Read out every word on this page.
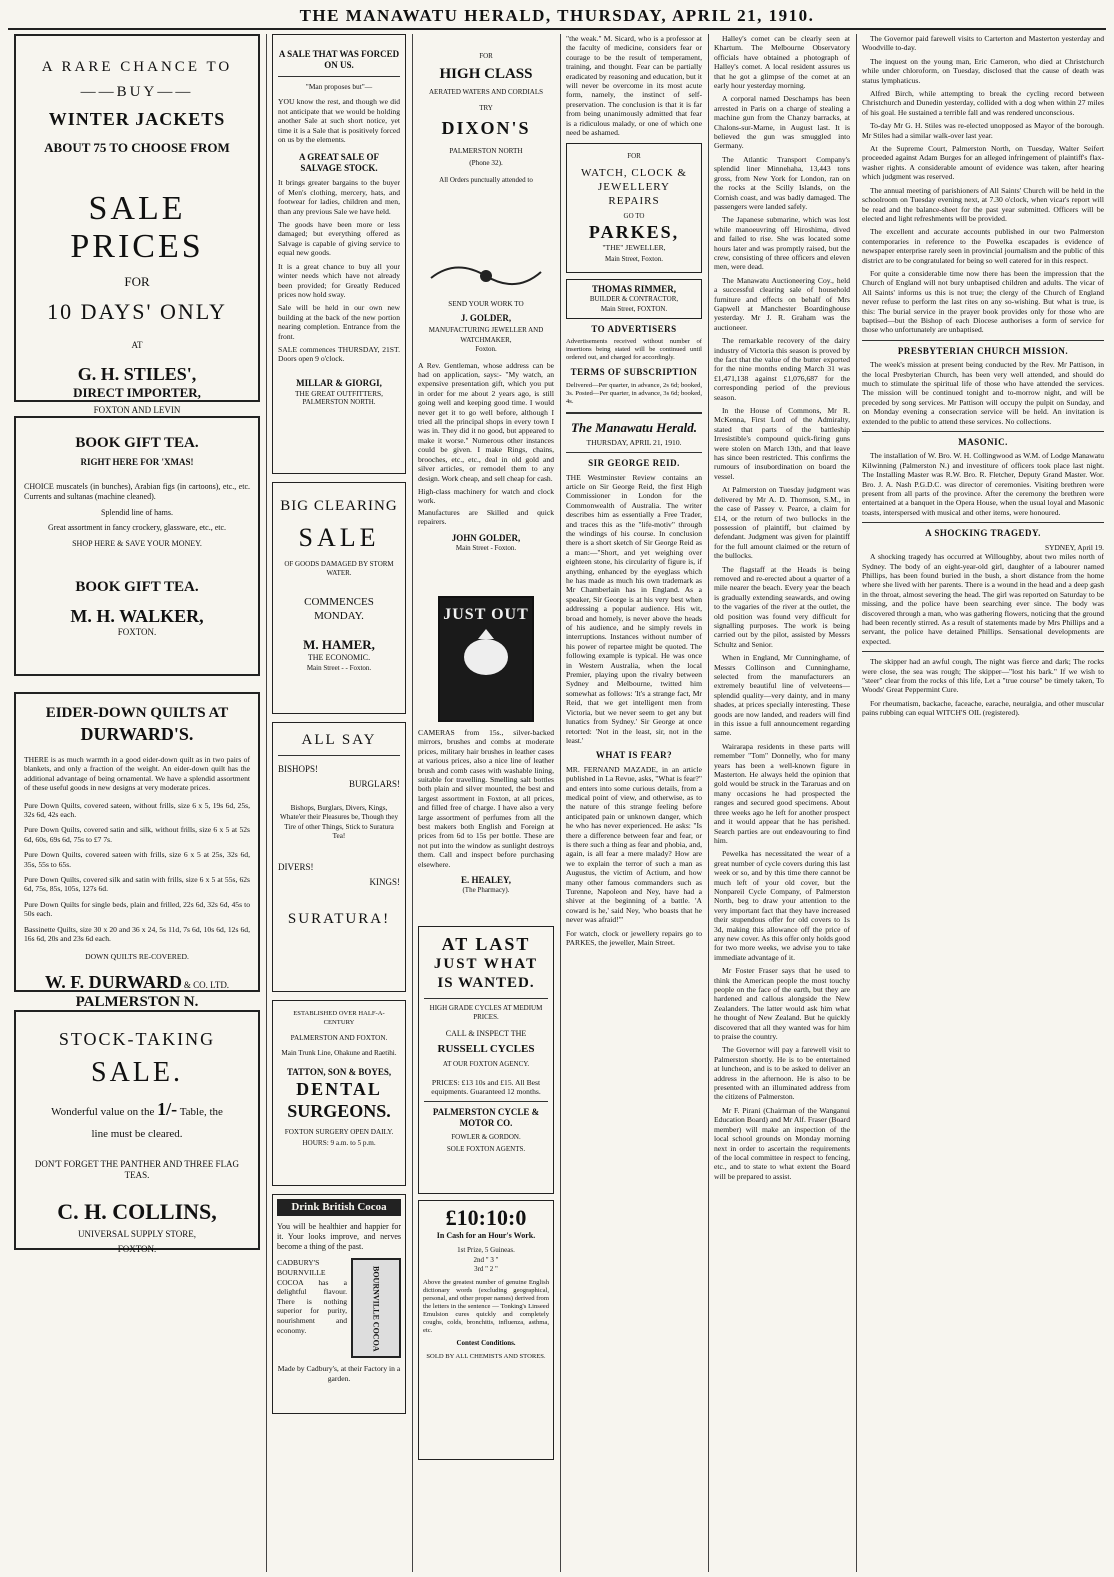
THE MANAWATU HERALD, THURSDAY, APRIL 21, 1910.
A RARE CHANCE TO
——BUY——
WINTER JACKETS
ABOUT 75 TO CHOOSE FROM
SALE PRICES
FOR
10 DAYS' ONLY
AT
G. H. STILES',
DIRECT IMPORTER,
FOXTON AND LEVIN
BOOK GIFT TEA.
RIGHT HERE FOR 'XMAS!
CHOICE muscatels (in bunches), Arabian figs (in cartoons), etc., etc. Currents and sultanas (machine cleaned).
Splendid line of hams.
Great assortment in fancy crockery, glassware, etc., etc.
SHOP HERE & SAVE YOUR MONEY.
BOOK GIFT TEA.
M. H. WALKER,
FOXTON.
EIDER-DOWN QUILTS AT
DURWARD'S.
THERE is as much warmth in a good eider-down quilt as in two pairs of blankets, and only a fraction of the weight. An eider-down quilt has the additional advantage of being ornamental. We have a splendid assortment of these useful goods in new designs at very moderate prices.
Pure Down Quilts, covered sateen, without frills, size 6 x 5, 19s 6d, 25s, 32s 6d, 42s each.
Pure Down Quilts, covered satin and silk, without frills, size 6 x 5 at 52s 6d, 60s, 69s 6d, 75s to £7 7s.
Pure Down Quilts, covered sateen with frills, size 6 x 5 at 25s, 32s 6d, 35s, 55s to 65s.
Pure Down Quilts, covered silk and satin with frills, size 6 x 5 at 55s, 62s 6d, 75s, 85s, 105s, 127s 6d.
Pure Down Quilts for single beds, plain and frilled, 22s 6d, 32s 6d, 45s to 50s each.
Bassinette Quilts, size 30 x 20 and 36 x 24, 5s 11d, 7s 6d, 10s 6d, 12s 6d, 16s 6d, 20s and 23s 6d each.
DOWN QUILTS RE-COVERED.
W. F. DURWARD & CO. LTD.
PALMERSTON N.
STOCK-TAKING
SALE.
Wonderful value on the 1/- Table, the
line must be cleared.
DON'T FORGET THE PANTHER AND THREE FLAG TEAS.
C. H. COLLINS,
UNIVERSAL SUPPLY STORE,
FOXTON.
A SALE THAT WAS FORCED ON US.
"Man proposes but"—
YOU know the rest, and though we did not anticipate that we would be holding another Sale at such short notice, yet time it is a Sale that is positively forced on us by the elements.
A GREAT SALE OF SALVAGE STOCK.
It brings greater bargains to the buyer of Men's clothing, mercery, hats, and footwear for ladies, children and men, than any previous Sale we have held.
The goods have been more or less damaged; but everything offered as Salvage is capable of giving service to equal new goods.
It is a great chance to buy all your winter needs which have not already been provided; for Greatly Reduced prices now hold sway.
Sale will be held in our own new building at the back of the new portion nearing completion. Entrance from the front.
SALE commences THURSDAY, 21ST. Doors open 9 o'clock.
MILLAR & GIORGI,
THE GREAT OUTFITTERS,
PALMERSTON NORTH.
BIG CLEARING
SALE
OF GOODS DAMAGED BY STORM WATER.
COMMENCES MONDAY.
M. HAMER,
THE ECONOMIC.
Main Street - - Foxton.
ALL SAY
BISHOPS!
BURGLARS!
Bishops, Burglars, Divers, Kings, Whate'er their Pleasures be, Though they Tire of other Things, Stick to Suratura Tea!
DIVERS!
KINGS!
SURATURA!
ESTABLISHED OVER HALF-A-CENTURY
PALMERSTON AND FOXTON.
Main Trunk Line, Ohakune and Raetihi.
TATTON, SON & BOYES,
DENTAL
SURGEONS.
FOXTON SURGERY OPEN DAILY.
HOURS: 9 a.m. to 5 p.m.
Drink British Cocoa
You will be healthier and happier for it. Your looks improve, and nerves become a thing of the past.
CADBURY'S BOURNVILLE COCOA has a delightful flavour. There is nothing superior for purity, nourishment and economy.	BOURNVILLE COCOA
Made by Cadbury's, at their Factory in a garden.
FOR
HIGH CLASS
AERATED WATERS AND CORDIALS
TRY
DIXON'S
PALMERSTON NORTH
(Phone 32).
All Orders punctually attended to
SEND YOUR WORK TO
J. GOLDER,
MANUFACTURING JEWELLER AND WATCHMAKER,
Foxton.
A Rev. Gentleman, whose address can be had on application, says:- "My watch, an expensive presentation gift, which you put in order for me about 2 years ago, is still going well and keeping good time. I would never get it to go well before, although I tried all the principal shops in every town I was in. They did it no good, but appeared to make it worse." Numerous other instances could be given. I make Rings, chains, brooches, etc., etc., deal in old gold and silver articles, or remodel them to any design. Work cheap, and sell cheap for cash.
High-class machinery for watch and clock work.
Manufactures are Skilled and quick repairers.
JOHN GOLDER,
Main Street - Foxton.
JUST OUT
CAMERAS from 15s., silver-backed mirrors, brushes and combs at moderate prices, military hair brushes in leather cases at various prices, also a nice line of leather brush and comb cases with washable lining, suitable for travelling. Smelling salt bottles both plain and silver mounted, the best and largest assortment in Foxton, at all prices, and filled free of charge. I have also a very large assortment of perfumes from all the best makers both English and Foreign at prices from 6d to 15s per bottle. These are not put into the window as sunlight destroys them. Call and inspect before purchasing elsewhere.
E. HEALEY,
(The Pharmacy).
AT LAST
JUST WHAT
IS WANTED.
HIGH GRADE CYCLES AT MEDIUM PRICES.
CALL & INSPECT THE
RUSSELL CYCLES
AT OUR FOXTON AGENCY.
PRICES: £13 10s and £15. All Best equipments. Guaranteed 12 months.
PALMERSTON CYCLE & MOTOR CO.
FOWLER & GORDON.
SOLE FOXTON AGENTS.
£10:10:0
In Cash for an Hour's Work.
1st Prize, 5 Guineas.
2nd " 3 "
3rd " 2 "
Above the greatest number of genuine English dictionary words (excluding geographical, personal, and other proper names) derived from the letters in the sentence — Tonking's Linseed Emulsion cures quickly and completely coughs, colds, bronchitis, influenza, asthma, etc.
Contest Conditions.
SOLD BY ALL CHEMISTS AND STORES.
"the weak." M. Sicard, who is a professor at the faculty of medicine, considers fear or courage to be the result of temperament, training, and thought. Fear can be partially eradicated by reasoning and education, but it will never be overcome in its most acute form, namely, the instinct of self-preservation. The conclusion is that it is far from being unanimously admitted that fear is a ridiculous malady, or one of which one need be ashamed.
FOR
WATCH, CLOCK & JEWELLERY REPAIRS
GO TO
PARKES,
"THE" JEWELLER,
Main Street, Foxton.
THOMAS RIMMER,
BUILDER & CONTRACTOR,
Main Street, FOXTON.
TO ADVERTISERS
Advertisements received without number of insertions being stated will be continued until ordered out, and charged for accordingly.
TERMS OF SUBSCRIPTION
Delivered—Per quarter, in advance, 2s 6d; booked, 3s. Posted—Per quarter, in advance, 3s 6d; booked, 4s.
The Manawatu Herald.
THURSDAY, APRIL 21, 1910.
SIR GEORGE REID.
THE Westminster Review contains an article on Sir George Reid, the first High Commissioner in London for the Commonwealth of Australia. The writer describes him as essentially a Free Trader, and traces this as the "life-motiv" through the windings of his course. In conclusion there is a short sketch of Sir George Reid as a man:—"Short, and yet weighing over eighteen stone, his circularity of figure is, if anything, enhanced by the eyeglass which he has made as much his own trademark as Mr Chamberlain has in England. As a speaker, Sir George is at his very best when addressing a popular audience. His wit, broad and homely, is never above the heads of his audience, and he simply revels in interruptions. Instances without number of his power of repartee might be quoted. The following example is typical. He was once in Western Australia, when the local Premier, playing upon the rivalry between Sydney and Melbourne, twitted him somewhat as follows: 'It's a strange fact, Mr Reid, that we get intelligent men from Victoria, but we never seem to get any but lunatics from Sydney.' Sir George at once retorted: 'Not in the least, sir, not in the least.'
WHAT IS FEAR?
MR. FERNAND MAZADE, in an article published in La Revue, asks, "What is fear?" and enters into some curious details, from a medical point of view, and otherwise, as to the nature of this strange feeling before anticipated pain or unknown danger, which he who has never experienced. He asks: "Is there a difference between fear and fear, or is there such a thing as fear and phobia, and, again, is all fear a mere malady? How are we to explain the terror of such a man as Augustus, the victim of Actium, and how many other famous commanders such as Turenne, Napoleon and Ney, have had a shiver at the beginning of a battle. 'A coward is he,' said Ney, 'who boasts that he never was afraid!'"
For watch, clock or jewellery repairs go to PARKES, the jeweller, Main Street.

Halley's comet can be clearly seen at Khartum. The Melbourne Observatory officials have obtained a photograph of Halley's comet. A local resident assures us that he got a glimpse of the comet at an early hour yesterday morning.

A corporal named Deschamps has been arrested in Paris on a charge of stealing a machine gun from the Chanzy barracks, at Chalons-sur-Marne, in August last. It is believed the gun was smuggled into Germany.

The Atlantic Transport Company's splendid liner Minnehaha, 13,443 tons gross, from New York for London, ran on the rocks at the Scilly Islands, on the Cornish coast, and was badly damaged. The passengers were landed safely.

The Japanese submarine, which was lost while manoeuvring off Hiroshima, dived and failed to rise. She was located some hours later and was promptly raised, but the crew, consisting of three officers and eleven men, were dead.

The Manawatu Auctioneering Coy., held a successful clearing sale of household furniture and effects on behalf of Mrs Gapwell at Manchester Boardinghouse yesterday. Mr J. R. Graham was the auctioneer.

The remarkable recovery of the dairy industry of Victoria this season is proved by the fact that the value of the butter exported for the nine months ending March 31 was £1,471,138 against £1,076,687 for the corresponding period of the previous season.

In the House of Commons, Mr R. McKenna, First Lord of the Admiralty, stated that parts of the battleship Irresistible's compound quick-firing guns were stolen on March 13th, and that leave has since been restricted. This confirms the rumours of insubordination on board the vessel.

At Palmerston on Tuesday judgment was delivered by Mr A. D. Thomson, S.M., in the case of Passey v. Pearce, a claim for £14, or the return of two bullocks in the possession of plaintiff, but claimed by defendant. Judgment was given for plaintiff for the full amount claimed or the return of the bullocks.

The flagstaff at the Heads is being removed and re-erected about a quarter of a mile nearer the beach. Every year the beach is gradually extending seawards, and owing to the vagaries of the river at the outlet, the old position was found very difficult for signalling purposes. The work is being carried out by the pilot, assisted by Messrs Schultz and Senior.

When in England, Mr Cunninghame, of Messrs Collinson and Cunninghame, selected from the manufacturers an extremely beautiful line of velveteens—splendid quality—very dainty, and in many shades, at prices specially interesting. These goods are now landed, and readers will find in this issue a full announcement regarding same.

Wairarapa residents in these parts will remember "Tom" Donnelly, who for many years has been a well-known figure in Masterton. He always held the opinion that gold would be struck in the Tararuas and on many occasions he had prospected the ranges and secured good specimens. About three weeks ago he left for another prospect and it would appear that he has perished. Search parties are out endeavouring to find him.

Pewelka has necessitated the wear of a great number of cycle covers during this last week or so, and by this time there cannot be much left of your old cover, but the Nonpareil Cycle Company, of Palmerston North, beg to draw your attention to the very important fact that they have increased their stupendous offer for old covers to 1s 3d, making this allowance off the price of any new cover. As this offer only holds good for two more weeks, we advise you to take immediate advantage of it.

Mr Foster Fraser says that he used to think the American people the most touchy people on the face of the earth, but they are hardened and callous alongside the New Zealanders. The latter would ask him what he thought of New Zealand. But he quickly discovered that all they wanted was for him to praise the country.

The Governor will pay a farewell visit to Palmerston shortly. He is to be entertained at luncheon, and is to be asked to deliver an address in the afternoon. He is also to be presented with an illuminated address from the citizens of Palmerston.

Mr F. Pirani (Chairman of the Wanganui Education Board) and Mr Alf. Fraser (Board member) will make an inspection of the local school grounds on Monday morning next in order to ascertain the requirements of the local committee in respect to fencing, etc., and to state to what extent the Board will be prepared to assist.

The Governor paid farewell visits to Carterton and Masterton yesterday and Woodville to-day.

The inquest on the young man, Eric Cameron, who died at Christchurch while under chloroform, on Tuesday, disclosed that the cause of death was status lymphaticus.

Alfred Birch, while attempting to break the cycling record between Christchurch and Dunedin yesterday, collided with a dog when within 27 miles of his goal. He sustained a terrible fall and was rendered unconscious.

To-day Mr G. H. Stiles was re-elected unopposed as Mayor of the borough. Mr Stiles had a similar walk-over last year.

At the Supreme Court, Palmerston North, on Tuesday, Walter Seifert proceeded against Adam Burges for an alleged infringement of plaintiff's flax-washer rights. A considerable amount of evidence was taken, after hearing which judgment was reserved.

The annual meeting of parishioners of All Saints' Church will be held in the schoolroom on Tuesday evening next, at 7.30 o'clock, when vicar's report will be read and the balance-sheet for the past year submitted. Officers will be elected and light refreshments will be provided.

The excellent and accurate accounts published in our two Palmerston contemporaries in reference to the Powelka escapades is evidence of newspaper enterprise rarely seen in provincial journalism and the public of this district are to be congratulated for being so well catered for in this respect.

For quite a considerable time now there has been the impression that the Church of England will not bury unbaptised children and adults. The vicar of All Saints' informs us this is not true; the clergy of the Church of England never refuse to perform the last rites on any so-wishing. But what is true, is this: The burial service in the prayer book provides only for those who are baptised—but the Bishop of each Diocese authorises a form of service for those who unfortunately are unbaptised.

PRESBYTERIAN CHURCH MISSION.

The week's mission at present being conducted by the Rev. Mr Pattison, in the local Presbyterian Church, has been very well attended, and should do much to stimulate the spiritual life of those who have attended the services. The mission will be continued tonight and to-morrow night, and will be preceded by song services. Mr Pattison will occupy the pulpit on Sunday, and on Monday evening a consecration service will be held. An invitation is extended to the public to attend these services. No collections.

MASONIC.

The installation of W. Bro. W. H. Collingwood as W.M. of Lodge Manawatu Kilwinning (Palmerston N.) and investiture of officers took place last night. The Installing Master was R.W. Bro. R. Fletcher, Deputy Grand Master. Wor. Bro. J. A. Nash P.G.D.C. was director of ceremonies. Visiting brethren were present from all parts of the province. After the ceremony the brethren were entertained at a banquet in the Opera House, when the usual loyal and Masonic toasts, interspersed with musical and other items, were honoured.

A SHOCKING TRAGEDY.
SYDNEY, April 19.

A shocking tragedy has occurred at Willoughby, about two miles north of Sydney. The body of an eight-year-old girl, daughter of a labourer named Phillips, has been found buried in the bush, a short distance from the home where she lived with her parents. There is a wound in the head and a deep gash in the throat, almost severing the head. The girl was reported on Saturday to be missing, and the police have been searching ever since. The body was discovered through a man, who was gathering flowers, noticing that the ground had been recently stirred. As a result of statements made by Mrs Phillips and a servant, the police have detained Phillips. Sensational developments are expected.

The skipper had an awful cough, The night was fierce and dark; The rocks were close, the sea was rough; The skipper—"lost his bark." If we wish to "steer" clear from the rocks of this life, Let a "true course" be timely taken, To Woods' Great Peppermint Cure.

For rheumatism, backache, faceache, earache, neuralgia, and other muscular pains rubbing can equal WITCH'S OIL (registered).
